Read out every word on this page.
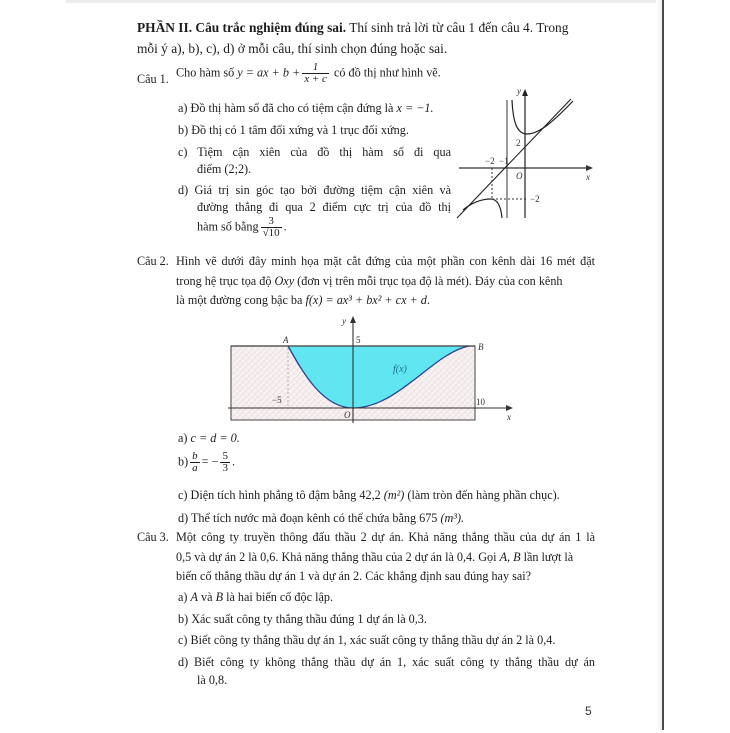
PHẦN II. Câu trắc nghiệm đúng sai. Thí sinh trả lời từ câu 1 đến câu 4. Trong
mỗi ý a), b), c), d) ở mỗi câu, thí sinh chọn đúng hoặc sai.
Câu 1. Cho hàm số y = ax + $b + \frac{1}{x + c}$ có đồ thị như hình vẽ.
a) Đồ thị hàm số đã cho có tiệm cận đứng là x = −1.
b) Đồ thị có 1 tâm đối xứng và 1 trục đối xứng.
c) Tiệm cận xiên của đồ thị hàm số đi qua
điểm (2;2).
d) Giá trị sin góc tạo bởi đường tiệm cận xiên và
đường thẳng đi qua 2 điểm cực trị của đồ thị
hàm số bằng $\frac{3}{√10}$ .
y
x
O
−2 −1
2
−2
Câu 2. Hình vẽ dưới đây minh họa mặt cắt đứng của một phần con kênh dài 16 mét đặt
trong hệ trục tọa độ Oxy (đơn vị trên mỗi trục tọa độ là mét). Đáy của con kênh
là một đường cong bậc ba f(x) = ax³ + bx² + cx + d.
y
x
A
B
5
−5	10
O
f(x)
a) c = d = 0.
$b) \frac{b}{a}$ = − $\frac{5}{3}$ .
c) Diện tích hình phẳng tô đậm bằng 42,2 (m²) (làm tròn đến hàng phần chục).
d) Thể tích nước mà đoạn kênh có thể chứa bằng 675 (m³).
Câu 3. Một công ty truyền thông đấu thầu 2 dự án. Khả năng thắng thầu của dự án 1 là
0,5 và dự án 2 là 0,6. Khả năng thắng thầu của 2 dự án là 0,4. Gọi A, B lần lượt là
biến cố thắng thầu dự án 1 và dự án 2. Các khẳng định sau đúng hay sai?
a) A và B là hai biến cố độc lập.
b) Xác suất công ty thắng thầu đúng 1 dự án là 0,3.
c) Biết công ty thắng thầu dự án 1, xác suất công ty thắng thầu dự án 2 là 0,4.
d) Biết công ty không thắng thầu dự án 1, xác suất công ty thắng thầu dự án
là 0,8.
5
